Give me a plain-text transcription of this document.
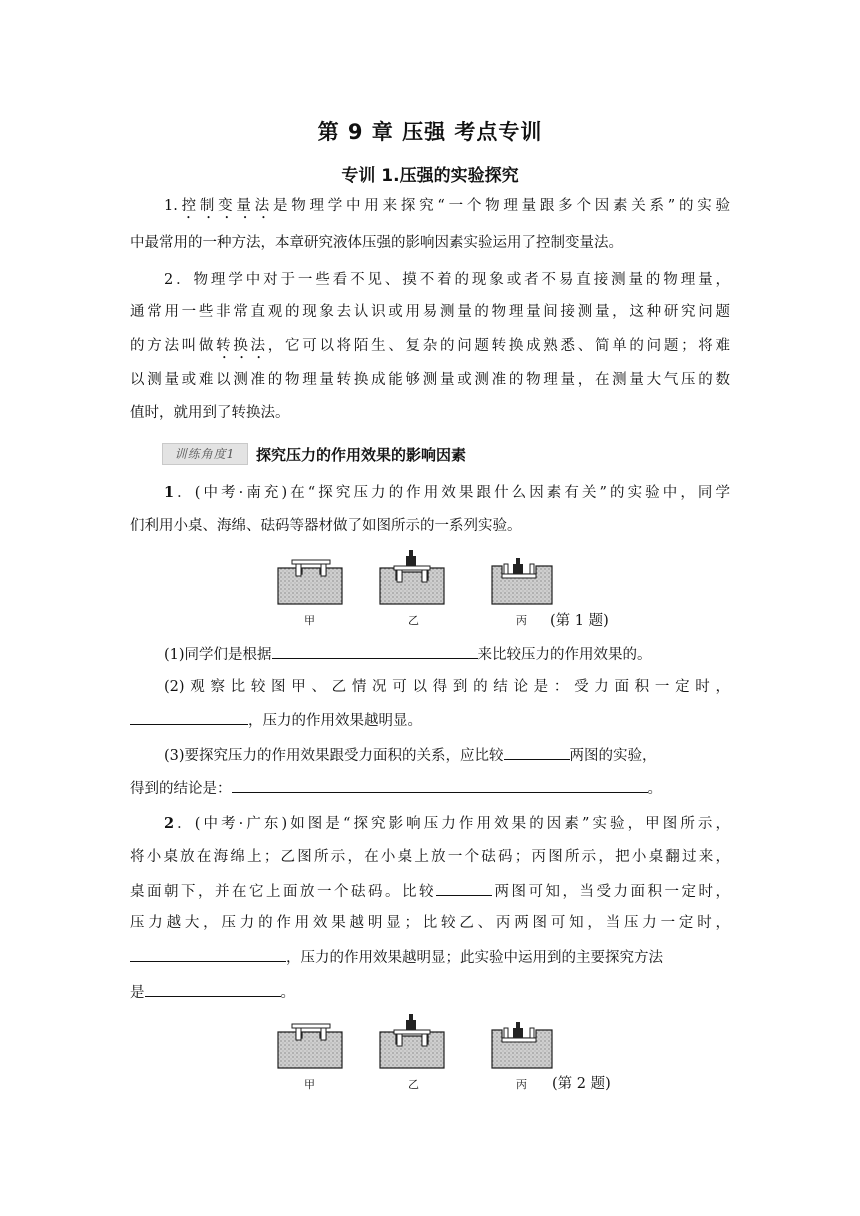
第 9 章 压强 考点专训
专训 1.压强的实验探究
1.控制变量法是物理学中用来探究“一个物理量跟多个因素关系”的实验
中最常用的一种方法，本章研究液体压强的影响因素实验运用了控制变量法。
2．物理学中对于一些看不见、摸不着的现象或者不易直接测量的物理量，
通常用一些非常直观的现象去认识或用易测量的物理量间接测量，这种研究问题
的方法叫做转换法，它可以将陌生、复杂的问题转换成熟悉、简单的问题；将难
以测量或难以测准的物理量转换成能够测量或测准的物理量，在测量大气压的数
值时，就用到了转换法。
训练角度1	探究压力的作用效果的影响因素
1．(中考·南充)在“探究压力的作用效果跟什么因素有关”的实验中，同学
们利用小桌、海绵、砝码等器材做了如图所示的一系列实验。
甲	乙	丙 (第 1 题)
(1)同学们是根据	来比较压力的作用效果的。
(2)观察比较图甲、乙情况可以得到的结论是：受力面积一定时，
，压力的作用效果越明显。
(3)要探究压力的作用效果跟受力面积的关系，应比较	两图的实验，
得到的结论是：	。
2．(中考·广东)如图是“探究影响压力作用效果的因素”实验，甲图所示，
将小桌放在海绵上；乙图所示，在小桌上放一个砝码；丙图所示，把小桌翻过来，
桌面朝下，并在它上面放一个砝码。比较	两图可知，当受力面积一定时，
压力越大，压力的作用效果越明显；比较乙、丙两图可知，当压力一定时，
，压力的作用效果越明显；此实验中运用到的主要探究方法
是	。
甲	乙	丙 (第 2 题)
